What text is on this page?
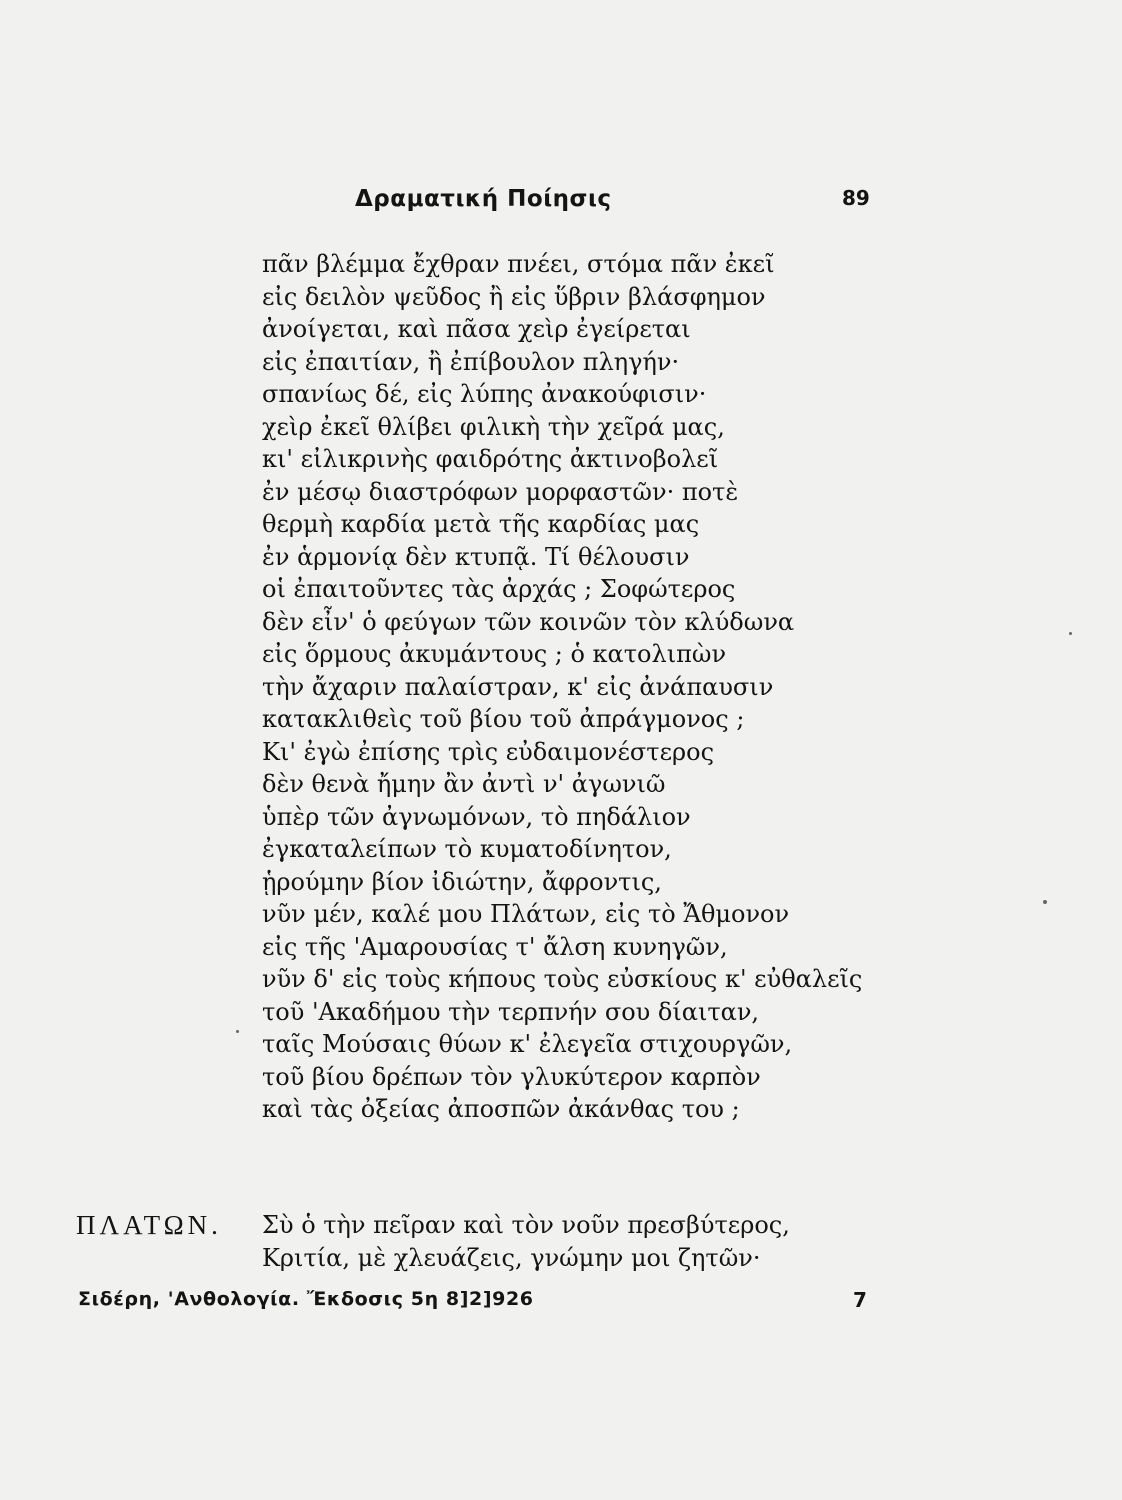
Δραματική Ποίησις	89
πᾶν βλέμμα ἔχθραν πνέει, στόμα πᾶν ἐκεῖ
εἰς δειλὸν ψεῦδος ἢ εἰς ὕβριν βλάσφημον
ἀνοίγεται, καὶ πᾶσα χεὶρ ἐγείρεται
εἰς ἐπαιτίαν, ἢ ἐπίβουλον πληγήν·
σπανίως δέ, εἰς λύπης ἀνακούφισιν·
χεὶρ ἐκεῖ θλίβει φιλικὴ τὴν χεῖρά μας,
κι' εἰλικρινὴς φαιδρότης ἀκτινοβολεῖ
ἐν μέσῳ διαστρόφων μορφαστῶν· ποτὲ
θερμὴ καρδία μετὰ τῆς καρδίας μας
ἐν ἁρμονίᾳ δὲν κτυπᾷ. Τί θέλουσιν
οἱ ἐπαιτοῦντες τὰς ἀρχάς ; Σοφώτερος
δὲν εἶν' ὁ φεύγων τῶν κοινῶν τὸν κλύδωνα
εἰς ὅρμους ἀκυμάντους ; ὁ κατολιπὼν
τὴν ἄχαριν παλαίστραν, κ' εἰς ἀνάπαυσιν
κατακλιθεὶς τοῦ βίου τοῦ ἀπράγμονος ;
Κι' ἐγὼ ἐπίσης τρὶς εὐδαιμονέστερος
δὲν θενὰ ἤμην ἂν ἀντὶ ν' ἀγωνιῶ
ὑπὲρ τῶν ἀγνωμόνων, τὸ πηδάλιον
ἐγκαταλείπων τὸ κυματοδίνητον,
ᾑρούμην βίον ἰδιώτην, ἄφροντις,
νῦν μέν, καλέ μου Πλάτων, εἰς τὸ Ἄθμονον
εἰς τῆς 'Αμαρουσίας τ' ἄλση κυνηγῶν,
νῦν δ' εἰς τοὺς κήπους τοὺς εὐσκίους κ' εὐθαλεῖς
τοῦ 'Ακαδήμου τὴν τερπνήν σου δίαιταν,
ταῖς Μούσαις θύων κ' ἐλεγεῖα στιχουργῶν,
τοῦ βίου δρέπων τὸν γλυκύτερον καρπὸν
καὶ τὰς ὀξείας ἀποσπῶν ἀκάνθας του ;
ΠΛΑΤΩΝ. Σὺ ὁ τὴν πεῖραν καὶ τὸν νοῦν πρεσβύτερος,
Κριτία, μὲ χλευάζεις, γνώμην μοι ζητῶν·
Σιδέρη, 'Ανθολογία. Ἔκδοσις 5η 8]2]926	7
